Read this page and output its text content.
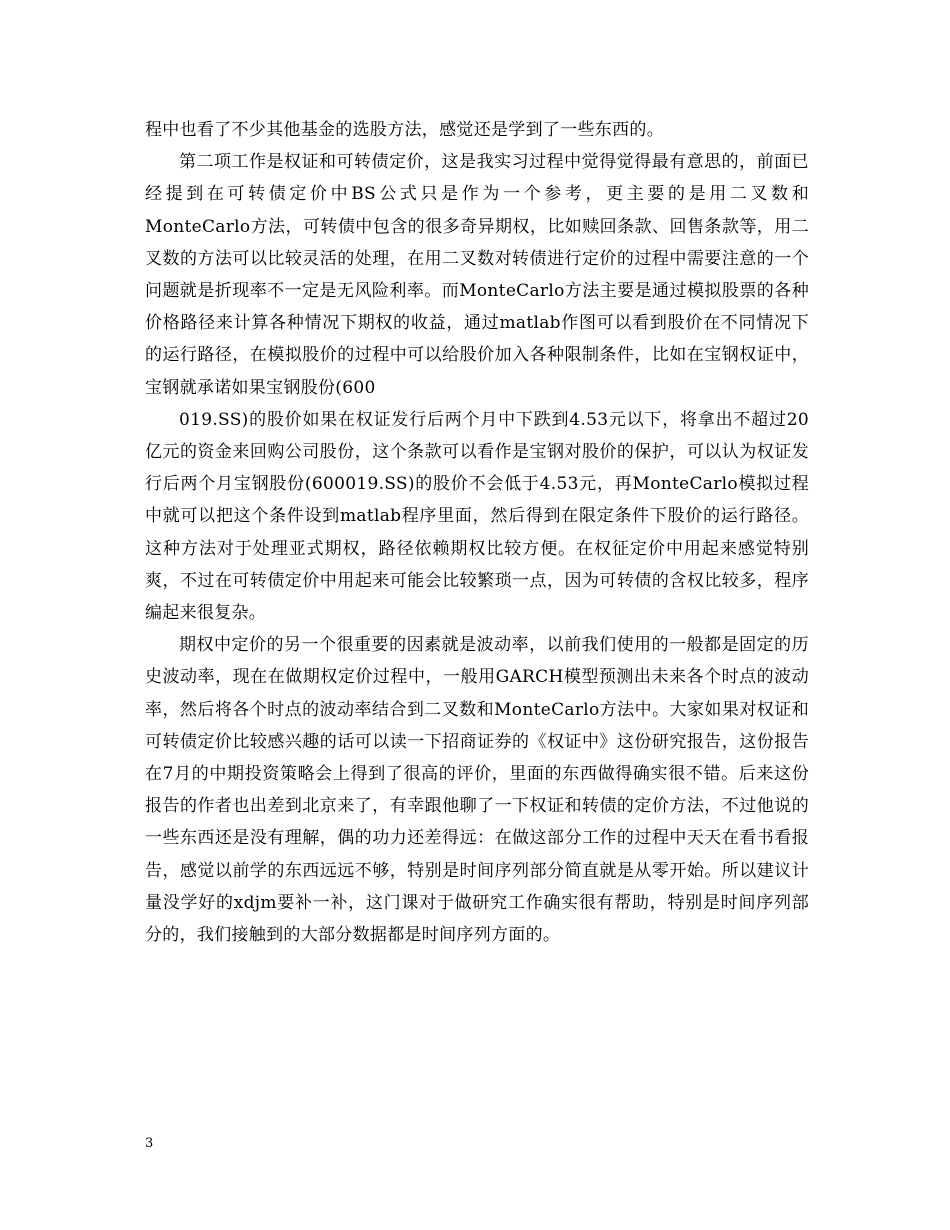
程中也看了不少其他基金的选股方法，感觉还是学到了一些东西的。

第二项工作是权证和可转债定价，这是我实习过程中觉得觉得最有意思的，前面已经提到在可转债定价中BS公式只是作为一个参考，更主要的是用二叉数和MonteCarlo方法，可转债中包含的很多奇异期权，比如赎回条款、回售条款等，用二叉数的方法可以比较灵活的处理，在用二叉数对转债进行定价的过程中需要注意的一个问题就是折现率不一定是无风险利率。而MonteCarlo方法主要是通过模拟股票的各种价格路径来计算各种情况下期权的收益，通过matlab作图可以看到股价在不同情况下的运行路径，在模拟股价的过程中可以给股价加入各种限制条件，比如在宝钢权证中，宝钢就承诺如果宝钢股份(600

019.SS)的股价如果在权证发行后两个月中下跌到4.53元以下，将拿出不超过20亿元的资金来回购公司股份，这个条款可以看作是宝钢对股价的保护，可以认为权证发行后两个月宝钢股份(600019.SS)的股价不会低于4.53元，再MonteCarlo模拟过程中就可以把这个条件设到matlab程序里面，然后得到在限定条件下股价的运行路径。这种方法对于处理亚式期权，路径依赖期权比较方便。在权征定价中用起来感觉特别爽，不过在可转债定价中用起来可能会比较繁琐一点，因为可转债的含权比较多，程序编起来很复杂。

期权中定价的另一个很重要的因素就是波动率，以前我们使用的一般都是固定的历史波动率，现在在做期权定价过程中，一般用GARCH模型预测出未来各个时点的波动率，然后将各个时点的波动率结合到二叉数和MonteCarlo方法中。大家如果对权证和可转债定价比较感兴趣的话可以读一下招商证券的《权证中》这份研究报告，这份报告在7月的中期投资策略会上得到了很高的评价，里面的东西做得确实很不错。后来这份报告的作者也出差到北京来了，有幸跟他聊了一下权证和转债的定价方法，不过他说的一些东西还是没有理解，偶的功力还差得远：在做这部分工作的过程中天天在看书看报告，感觉以前学的东西远远不够，特别是时间序列部分简直就是从零开始。所以建议计量没学好的xdjm要补一补，这门课对于做研究工作确实很有帮助，特别是时间序列部分的，我们接触到的大部分数据都是时间序列方面的。

3
